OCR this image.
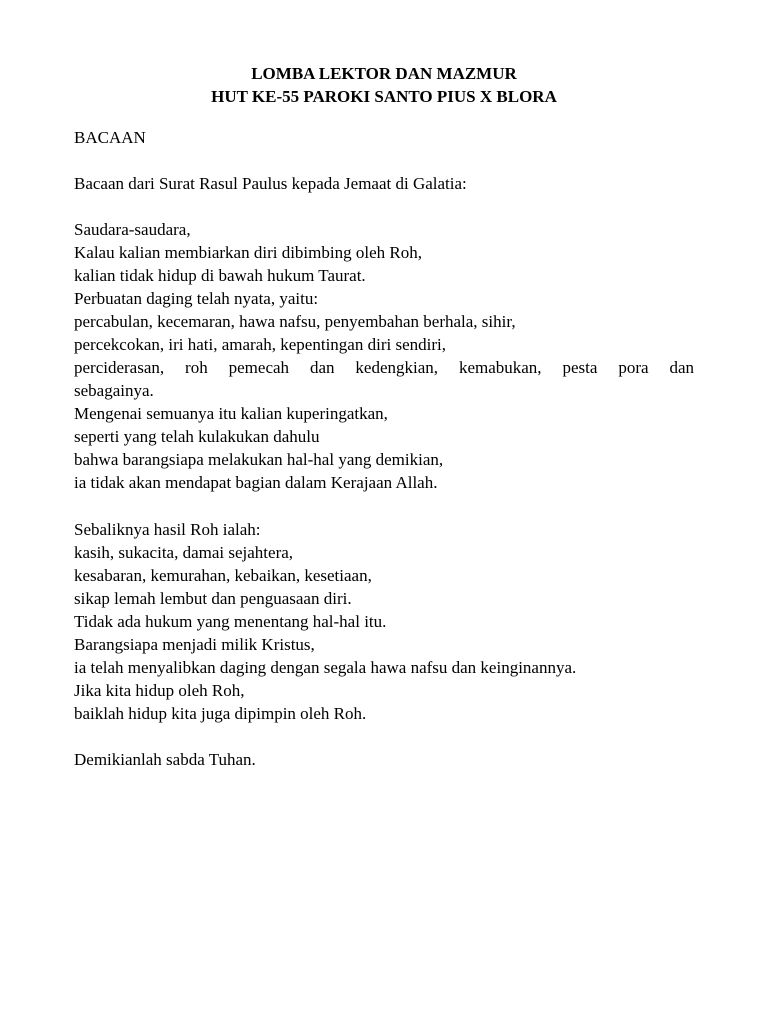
LOMBA LEKTOR DAN MAZMUR

HUT KE-55 PAROKI SANTO PIUS X BLORA

BACAAN

Bacaan dari Surat Rasul Paulus kepada Jemaat di Galatia:

Saudara-saudara,
Kalau kalian membiarkan diri dibimbing oleh Roh,
kalian tidak hidup di bawah hukum Taurat.
Perbuatan daging telah nyata, yaitu:
percabulan, kecemaran, hawa nafsu, penyembahan berhala, sihir,
percekcokan, iri hati, amarah, kepentingan diri sendiri,
perciderasan, roh pemecah dan kedengkian, kemabukan, pesta pora dan
sebagainya.
Mengenai semuanya itu kalian kuperingatkan,
seperti yang telah kulakukan dahulu
bahwa barangsiapa melakukan hal-hal yang demikian,
ia tidak akan mendapat bagian dalam Kerajaan Allah.
Sebaliknya hasil Roh ialah:
kasih, sukacita, damai sejahtera,
kesabaran, kemurahan, kebaikan, kesetiaan,
sikap lemah lembut dan penguasaan diri.
Tidak ada hukum yang menentang hal-hal itu.
Barangsiapa menjadi milik Kristus,
ia telah menyalibkan daging dengan segala hawa nafsu dan keinginannya.
Jika kita hidup oleh Roh,
baiklah hidup kita juga dipimpin oleh Roh.

Demikianlah sabda Tuhan.
